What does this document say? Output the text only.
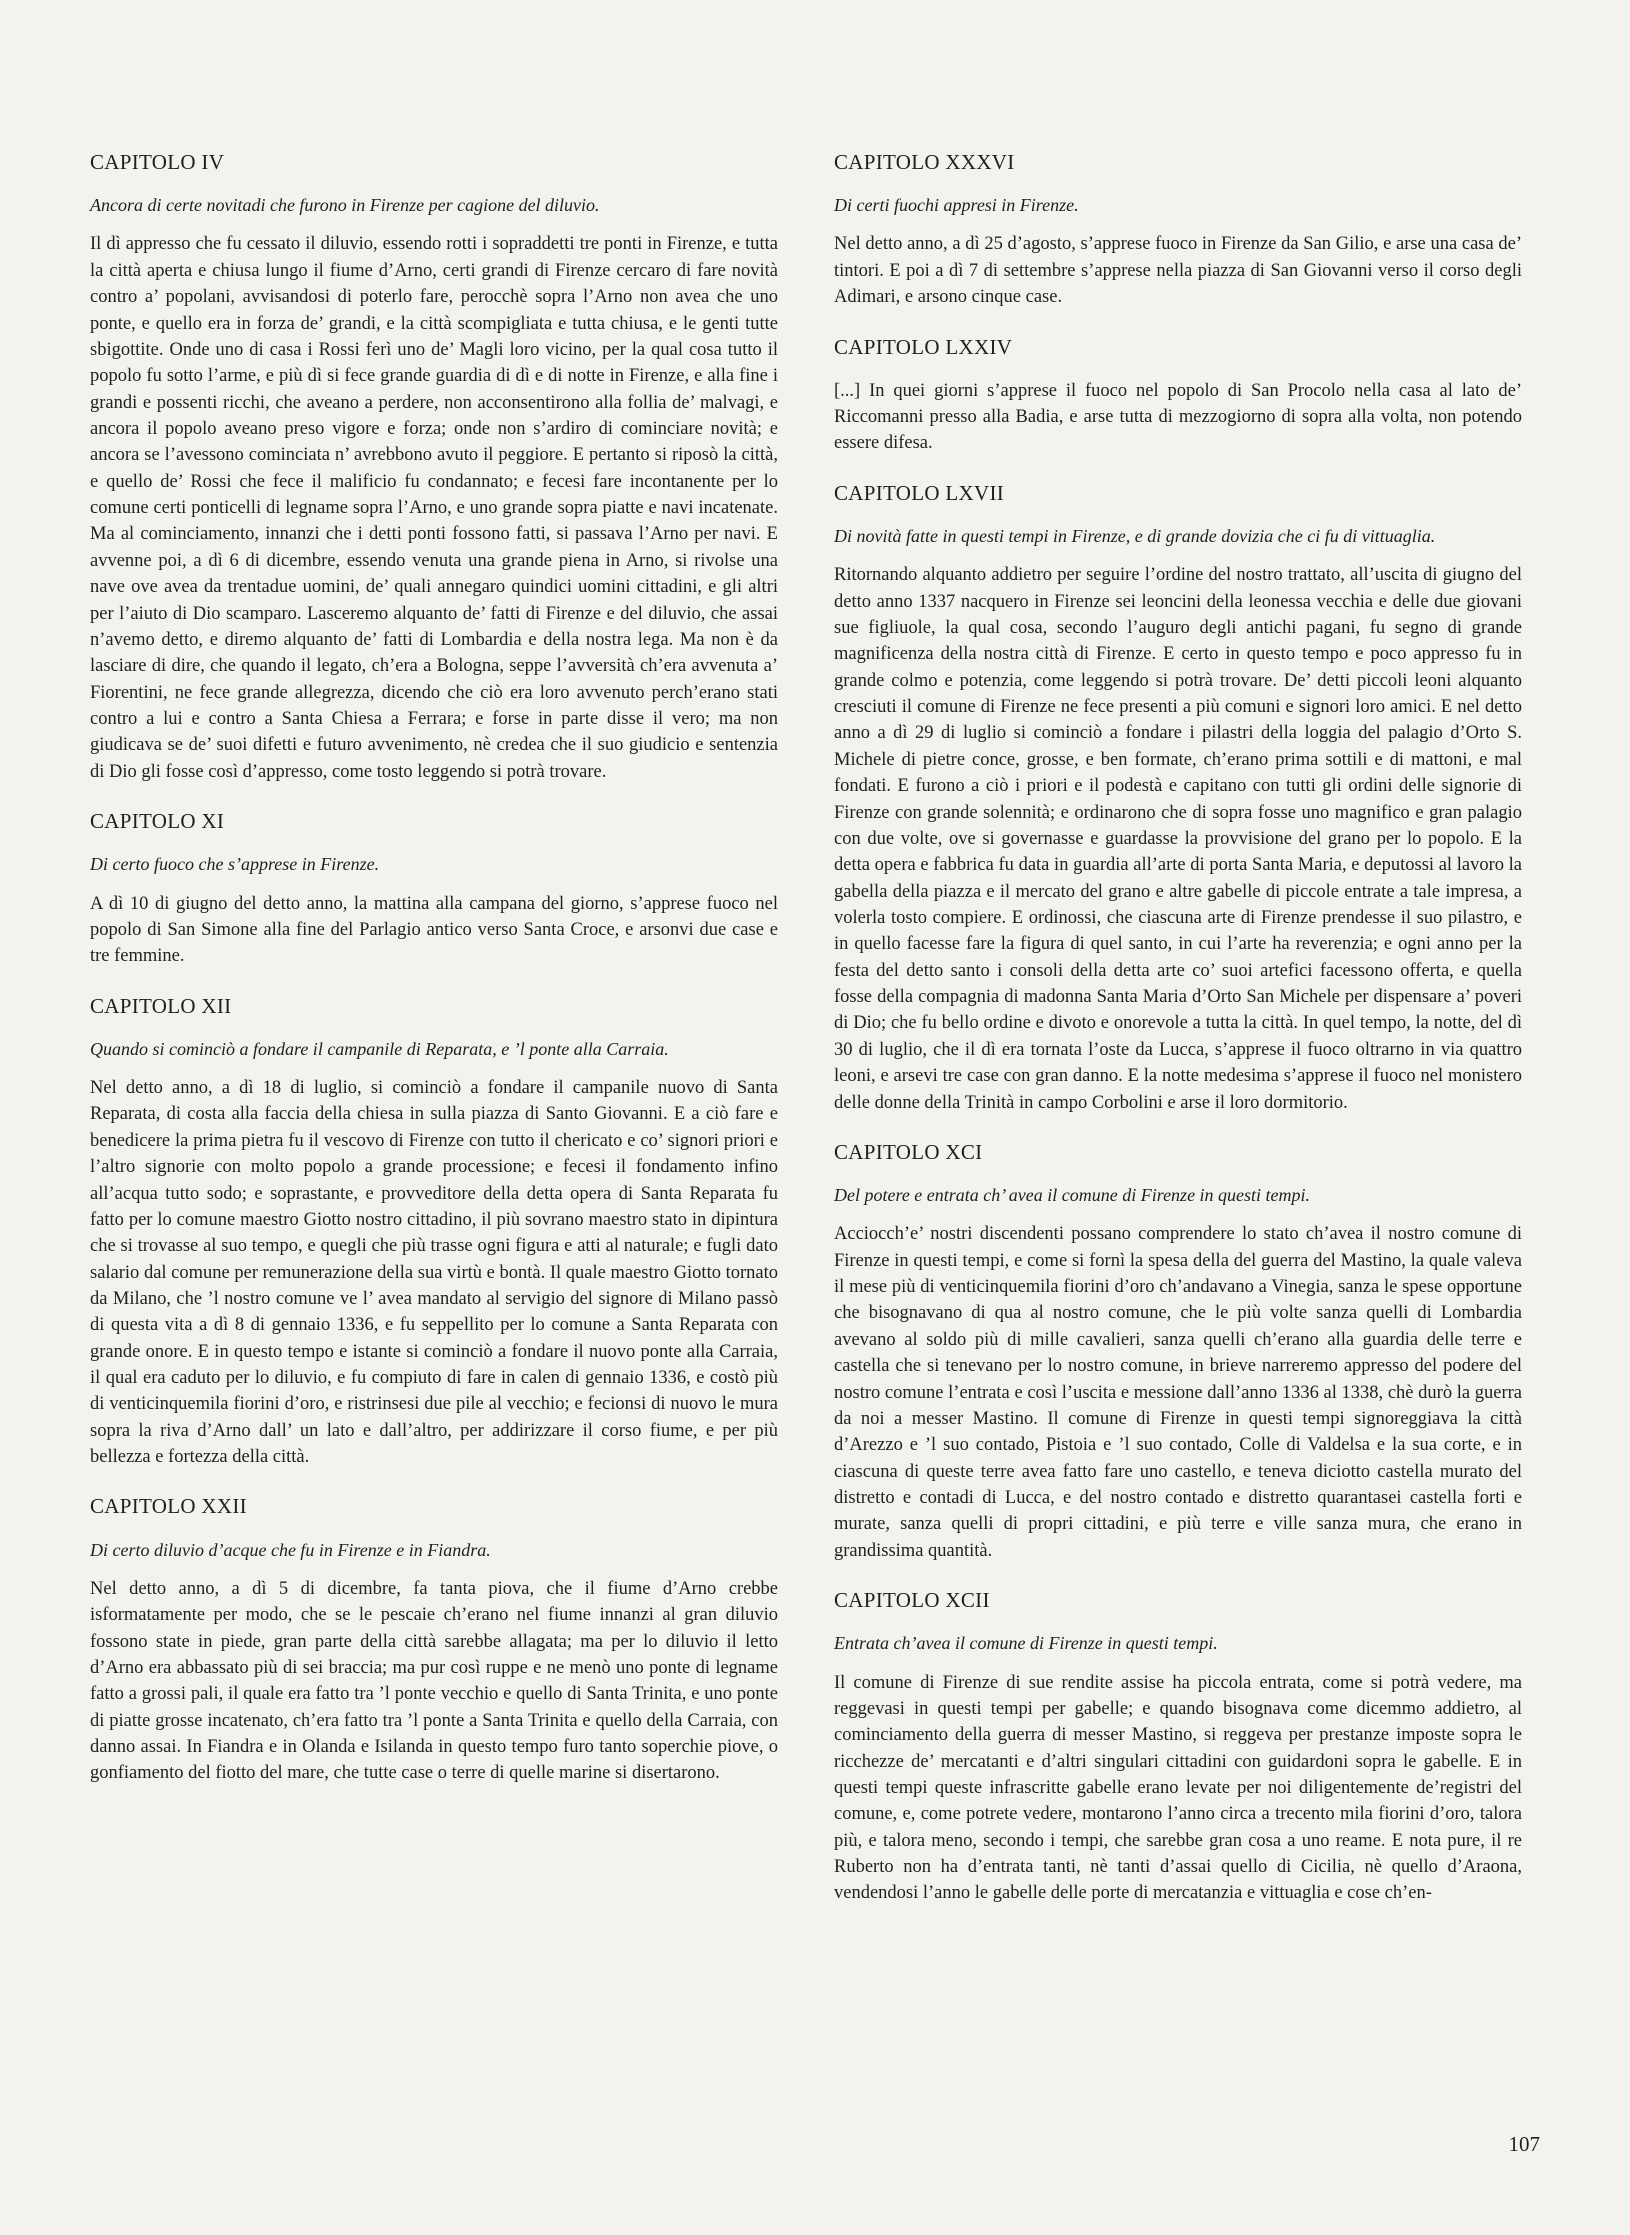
CAPITOLO IV

Ancora di certe novitadi che furono in Firenze per cagione del diluvio.

Il dì appresso che fu cessato il diluvio, essendo rotti i sopraddetti tre ponti in Firenze, e tutta la città aperta e chiusa lungo il fiume d’Arno, certi grandi di Firenze cercaro di fare novità contro a’ popolani, avvisandosi di poterlo fare, perocchè sopra l’Arno non avea che uno ponte, e quello era in forza de’ grandi, e la città scompigliata e tutta chiusa, e le genti tutte sbigottite. Onde uno di casa i Rossi ferì uno de’ Magli loro vicino, per la qual cosa tutto il popolo fu sotto l’arme, e più dì si fece grande guardia di dì e di notte in Firenze, e alla fine i grandi e possenti ricchi, che aveano a perdere, non acconsentirono alla follia de’ malvagi, e ancora il popolo aveano preso vigore e forza; onde non s’ardiro di cominciare novità; e ancora se l’avessono cominciata n’ avrebbono avuto il peggiore. E pertanto si riposò la città, e quello de’ Rossi che fece il malificio fu condannato; e fecesi fare incontanente per lo comune certi ponticelli di legname sopra l’Arno, e uno grande sopra piatte e navi incatenate. Ma al cominciamento, innanzi che i detti ponti fossono fatti, si passava l’Arno per navi. E avvenne poi, a dì 6 di dicembre, essendo venuta una grande piena in Arno, si rivolse una nave ove avea da trentadue uomini, de’ quali annegaro quindici uomini cittadini, e gli altri per l’aiuto di Dio scamparo. Lasceremo alquanto de’ fatti di Firenze e del diluvio, che assai n’avemo detto, e diremo alquanto de’ fatti di Lombardia e della nostra lega. Ma non è da lasciare di dire, che quando il legato, ch’era a Bologna, seppe l’avversità ch’era avvenuta a’ Fiorentini, ne fece grande allegrezza, dicendo che ciò era loro avvenuto perch’erano stati contro a lui e contro a Santa Chiesa a Ferrara; e forse in parte disse il vero; ma non giudicava se de’ suoi difetti e futuro avvenimento, nè credea che il suo giudicio e sentenzia di Dio gli fosse così d’appresso, come tosto leggendo si potrà trovare.

CAPITOLO XI

Di certo fuoco che s’apprese in Firenze.

A dì 10 di giugno del detto anno, la mattina alla campana del giorno, s’apprese fuoco nel popolo di San Simone alla fine del Parlagio antico verso Santa Croce, e arsonvi due case e tre femmine.

CAPITOLO XII

Quando si cominciò a fondare il campanile di Reparata, e ’l ponte alla Carraia.

Nel detto anno, a dì 18 di luglio, si cominciò a fondare il campanile nuovo di Santa Reparata, di costa alla faccia della chiesa in sulla piazza di Santo Giovanni. E a ciò fare e benedicere la prima pietra fu il vescovo di Firenze con tutto il chericato e co’ signori priori e l’altro signorie con molto popolo a grande processione; e fecesi il fondamento infino all’acqua tutto sodo; e soprastante, e provveditore della detta opera di Santa Reparata fu fatto per lo comune maestro Giotto nostro cittadino, il più sovrano maestro stato in dipintura che si trovasse al suo tempo, e quegli che più trasse ogni figura e atti al naturale; e fugli dato salario dal comune per remunerazione della sua virtù e bontà. Il quale maestro Giotto tornato da Milano, che ’l nostro comune ve l’ avea mandato al servigio del signore di Milano passò di questa vita a dì 8 di gennaio 1336, e fu seppellito per lo comune a Santa Reparata con grande onore. E in questo tempo e istante si cominciò a fondare il nuovo ponte alla Carraia, il qual era caduto per lo diluvio, e fu compiuto di fare in calen di gennaio 1336, e costò più di venticinquemila fiorini d’oro, e ristrinsesi due pile al vecchio; e fecionsi di nuovo le mura sopra la riva d’Arno dall’ un lato e dall’altro, per addirizzare il corso fiume, e per più bellezza e fortezza della città.

CAPITOLO XXII

Di certo diluvio d’acque che fu in Firenze e in Fiandra.

Nel detto anno, a dì 5 di dicembre, fa tanta piova, che il fiume d’Arno crebbe isformatamente per modo, che se le pescaie ch’erano nel fiume innanzi al gran diluvio fossono state in piede, gran parte della città sarebbe allagata; ma per lo diluvio il letto d’Arno era abbassato più di sei braccia; ma pur così ruppe e ne menò uno ponte di legname fatto a grossi pali, il quale era fatto tra ’l ponte vecchio e quello di Santa Trinita, e uno ponte di piatte grosse incatenato, ch’era fatto tra ’l ponte a Santa Trinita e quello della Carraia, con danno assai. In Fiandra e in Olanda e Isilanda in questo tempo furo tanto soperchie piove, o gonfiamento del fiotto del mare, che tutte case o terre di quelle marine si disertarono.

CAPITOLO XXXVI

Di certi fuochi appresi in Firenze.

Nel detto anno, a dì 25 d’agosto, s’apprese fuoco in Firenze da San Gilio, e arse una casa de’ tintori. E poi a dì 7 di settembre s’apprese nella piazza di San Giovanni verso il corso degli Adimari, e arsono cinque case.

CAPITOLO LXXIV

[...] In quei giorni s’apprese il fuoco nel popolo di San Procolo nella casa al lato de’ Riccomanni presso alla Badia, e arse tutta di mezzogiorno di sopra alla volta, non potendo essere difesa.

CAPITOLO LXVII

Di novità fatte in questi tempi in Firenze, e di grande dovizia che ci fu di vittuaglia.

Ritornando alquanto addietro per seguire l’ordine del nostro trattato, all’uscita di giugno del detto anno 1337 nacquero in Firenze sei leoncini della leonessa vecchia e delle due giovani sue figliuole, la qual cosa, secondo l’auguro degli antichi pagani, fu segno di grande magnificenza della nostra città di Firenze. E certo in questo tempo e poco appresso fu in grande colmo e potenzia, come leggendo si potrà trovare. De’ detti piccoli leoni alquanto cresciuti il comune di Firenze ne fece presenti a più comuni e signori loro amici. E nel detto anno a dì 29 di luglio si cominciò a fondare i pilastri della loggia del palagio d’Orto S. Michele di pietre conce, grosse, e ben formate, ch’erano prima sottili e di mattoni, e mal fondati. E furono a ciò i priori e il podestà e capitano con tutti gli ordini delle signorie di Firenze con grande solennità; e ordinarono che di sopra fosse uno magnifico e gran palagio con due volte, ove si governasse e guardasse la provvisione del grano per lo popolo. E la detta opera e fabbrica fu data in guardia all’arte di porta Santa Maria, e deputossi al lavoro la gabella della piazza e il mercato del grano e altre gabelle di piccole entrate a tale impresa, a volerla tosto compiere. E ordinossi, che ciascuna arte di Firenze prendesse il suo pilastro, e in quello facesse fare la figura di quel santo, in cui l’arte ha reverenzia; e ogni anno per la festa del detto santo i consoli della detta arte co’ suoi artefici facessono offerta, e quella fosse della compagnia di madonna Santa Maria d’Orto San Michele per dispensare a’ poveri di Dio; che fu bello ordine e divoto e onorevole a tutta la città. In quel tempo, la notte, del dì 30 di luglio, che il dì era tornata l’oste da Lucca, s’apprese il fuoco oltrarno in via quattro leoni, e arsevi tre case con gran danno. E la notte medesima s’apprese il fuoco nel monistero delle donne della Trinità in campo Corbolini e arse il loro dormitorio.

CAPITOLO XCI

Del potere e entrata ch’ avea il comune di Firenze in questi tempi.

Acciocch’e’ nostri discendenti possano comprendere lo stato ch’avea il nostro comune di Firenze in questi tempi, e come si fornì la spesa della del guerra del Mastino, la quale valeva il mese più di venticinquemila fiorini d’oro ch’andavano a Vinegia, sanza le spese opportune che bisognavano di qua al nostro comune, che le più volte sanza quelli di Lombardia avevano al soldo più di mille cavalieri, sanza quelli ch’erano alla guardia delle terre e castella che si tenevano per lo nostro comune, in brieve narreremo appresso del podere del nostro comune l’entrata e così l’uscita e messione dall’anno 1336 al 1338, chè durò la guerra da noi a messer Mastino. Il comune di Firenze in questi tempi signoreggiava la città d’Arezzo e ’l suo contado, Pistoia e ’l suo contado, Colle di Valdelsa e la sua corte, e in ciascuna di queste terre avea fatto fare uno castello, e teneva diciotto castella murato del distretto e contadi di Lucca, e del nostro contado e distretto quarantasei castella forti e murate, sanza quelli di propri cittadini, e più terre e ville sanza mura, che erano in grandissima quantità.

CAPITOLO XCII

Entrata ch’avea il comune di Firenze in questi tempi.

Il comune di Firenze di sue rendite assise ha piccola entrata, come si potrà vedere, ma reggevasi in questi tempi per gabelle; e quando bisognava come dicemmo addietro, al cominciamento della guerra di messer Mastino, si reggeva per prestanze imposte sopra le ricchezze de’ mercatanti e d’altri singulari cittadini con guidardoni sopra le gabelle. E in questi tempi queste infrascritte gabelle erano levate per noi diligentemente de’registri del comune, e, come potrete vedere, montarono l’anno circa a trecento mila fiorini d’oro, talora più, e talora meno, secondo i tempi, che sarebbe gran cosa a uno reame. E nota pure, il re Ruberto non ha d’entrata tanti, nè tanti d’assai quello di Cicilia, nè quello d’Araona, vendendosi l’anno le gabelle delle porte di mercatanzia e vittuaglia e cose ch’en-

107
